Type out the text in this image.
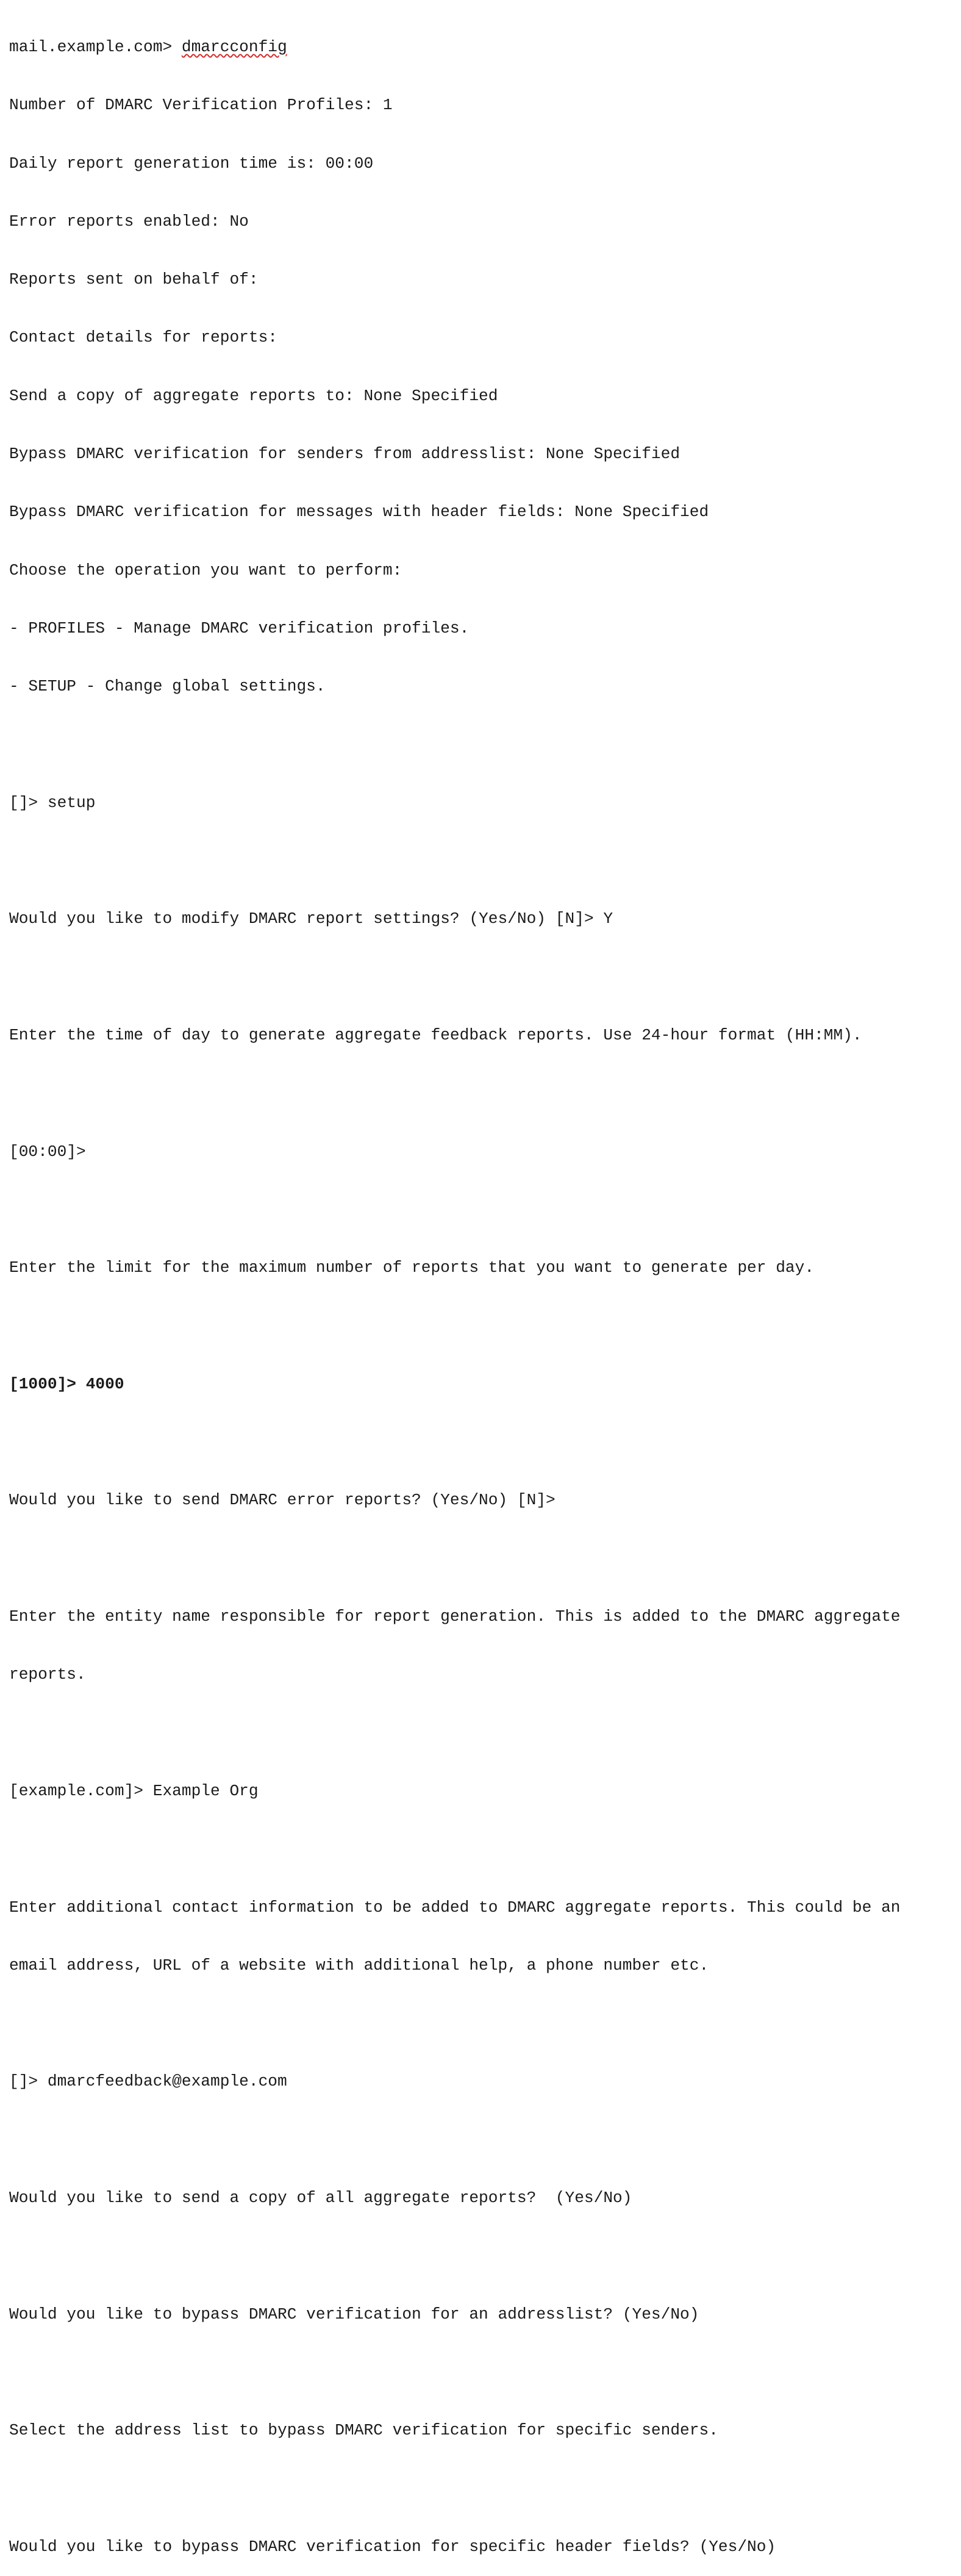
mail.example.com> dmarcconfig

Number of DMARC Verification Profiles: 1

Daily report generation time is: 00:00

Error reports enabled: No

Reports sent on behalf of:

Contact details for reports:

Send a copy of aggregate reports to: None Specified

Bypass DMARC verification for senders from addresslist: None Specified

Bypass DMARC verification for messages with header fields: None Specified

Choose the operation you want to perform:

- PROFILES - Manage DMARC verification profiles.

- SETUP - Change global settings.

[]> setup

Would you like to modify DMARC report settings? (Yes/No) [N]> Y

Enter the time of day to generate aggregate feedback reports. Use 24-hour format (HH:MM).

[00:00]>

Enter the limit for the maximum number of reports that you want to generate per day.

[1000]> 4000

Would you like to send DMARC error reports? (Yes/No) [N]>

Enter the entity name responsible for report generation. This is added to the DMARC aggregate

reports.

[example.com]> Example Org

Enter additional contact information to be added to DMARC aggregate reports. This could be an

email address, URL of a website with additional help, a phone number etc.

[]> dmarcfeedback@example.com

Would you like to send a copy of all aggregate reports?  (Yes/No)

Would you like to bypass DMARC verification for an addresslist? (Yes/No)

Select the address list to bypass DMARC verification for specific senders.

Would you like to bypass DMARC verification for specific header fields? (Yes/No)
